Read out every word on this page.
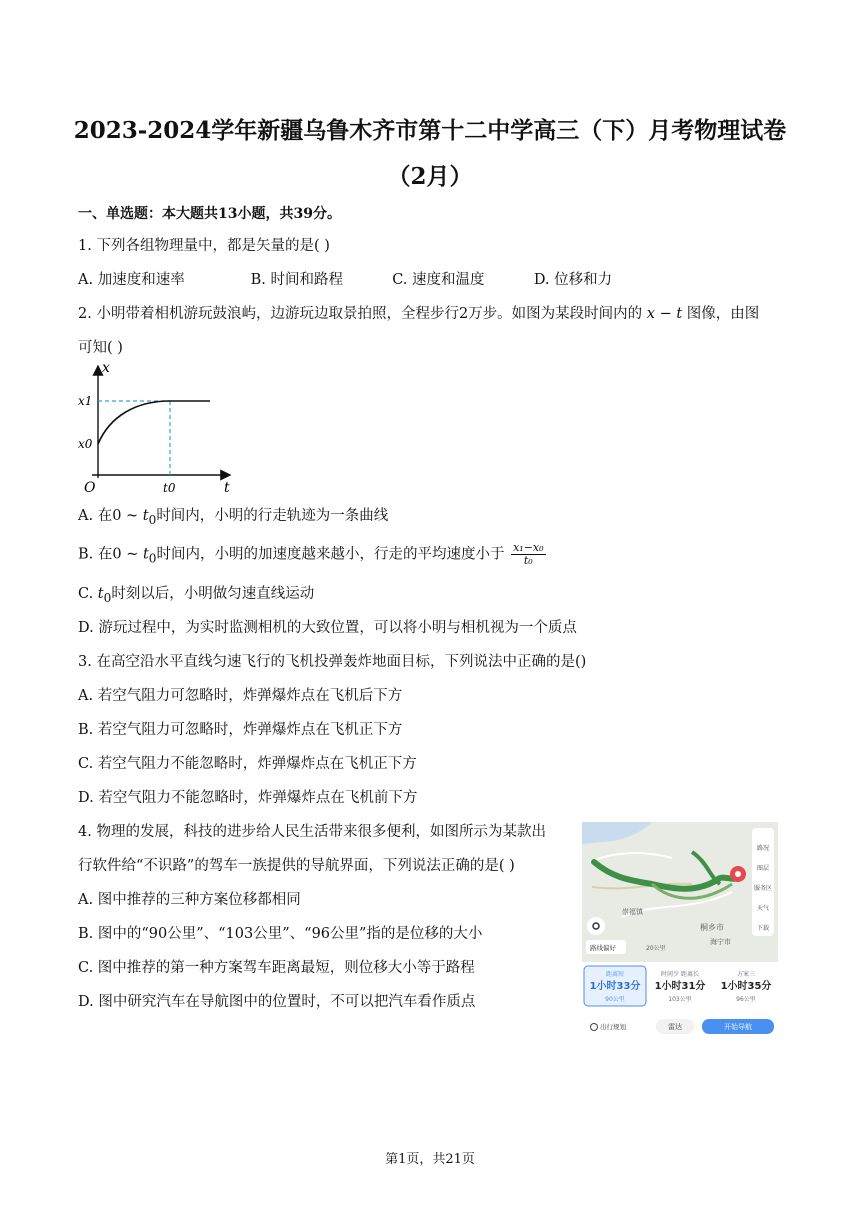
2023-2024学年新疆乌鲁木齐市第十二中学高三（下）月考物理试卷（2月）
一、单选题：本大题共13小题，共39分。
1. 下列各组物理量中，都是矢量的是( )
A. 加速度和速率	B. 时间和路程	C. 速度和温度	D. 位移和力
2. 小明带着相机游玩鼓浪屿，边游玩边取景拍照，全程步行2万步。如图为某段时间内的 x − t 图像，由图
可知( )
x
t
O
x1
x0
t0
A. 在0 ~ $t_0$时间内，小明的行走轨迹为一条曲线
B. 在0 ~ $t_0$时间内，小明的加速度越来越小，行走的平均速度小于 $\frac{\text{x₁−x₀}}{\text{t₀}}$
C. $t_0$时刻以后，小明做匀速直线运动
D. 游玩过程中，为实时监测相机的大致位置，可以将小明与相机视为一个质点
3. 在高空沿水平直线匀速飞行的飞机投弹轰炸地面目标，下列说法中正确的是()
A. 若空气阻力可忽略时，炸弹爆炸点在飞机后下方
B. 若空气阻力可忽略时，炸弹爆炸点在飞机正下方
C. 若空气阻力不能忽略时，炸弹爆炸点在飞机正下方
D. 若空气阻力不能忽略时，炸弹爆炸点在飞机前下方
4. 物理的发展，科技的进步给人民生活带来很多便利，如图所示为某款出
行软件给“不识路”的驾车一族提供的导航界面，下列说法正确的是( )
A. 图中推荐的三种方案位移都相同
B. 图中的“90公里”、“103公里”、“96公里”指的是位移的大小
C. 图中推荐的第一种方案驾车距离最短，则位移大小等于路程
D. 图中研究汽车在导航图中的位置时，不可以把汽车看作质点
桐乡市
海宁市
崇福镇
路况
图层
服务区
天气
下载
路线偏好	20公里
距离短
1小时33分
90公里
时间少 距离长
1小时31分
103公里
方案三
1小时35分
96公里
出行规划	雷达	开始导航
第1页，共21页
